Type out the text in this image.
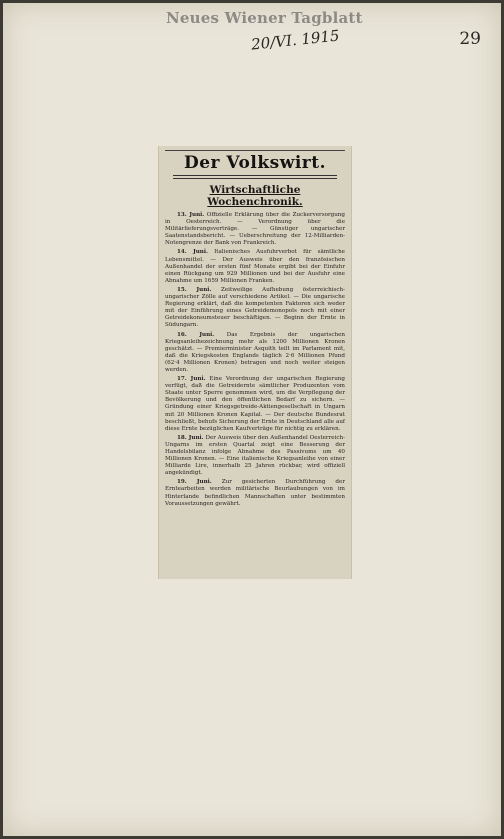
Neues Wiener Tagblatt
20/VI. 1915	29
Der Volkswirt.
Wirtschaftliche Wochenchronik.

13. Juni. Offizielle Erklärung über die Zuckerversorgung in Oesterreich. — Verordnung über die Militärlieferungsverträge. — Günstiger ungarischer Saatenstandsbericht. — Ueberschreitung der 12-Milliarden-Notengrenze der Bank von Frankreich.

14. Juni. Italienisches Ausfuhrverbot für sämtliche Lebensmittel. — Der Ausweis über den französischen Außenhandel der ersten fünf Monate ergibt bei der Einfuhr einen Rückgang um 929 Millionen und bei der Ausfuhr eine Abnahme um 1659 Millionen Franken.

15. Juni. Zeitweilige Aufhebung österreichisch-ungarischer Zölle auf verschiedene Artikel. — Die ungarische Regierung erklärt, daß die kompetenten Faktoren sich weder mit der Einführung eines Getreidemonopols noch mit einer Getreidekonsumsteuer beschäftigen. — Beginn der Ernte in Südungarn.

16. Juni. Das Ergebnis der ungarischen Kriegsanleihezeichnung mehr als 1200 Millionen Kronen geschätzt. — Premierminister Asquith teilt im Parlament mit, daß die Kriegskosten Englands täglich 2·6 Millionen Pfund (62·4 Millionen Kronen) betragen und noch weiter steigen werden.

17. Juni. Eine Verordnung der ungarischen Regierung verfügt, daß die Getreidernte sämtlicher Produzenten vom Staate unter Sperre genommen wird, um die Verpflegung der Bevölkerung und den öffentlichen Bedarf zu sichern. — Gründung einer Kriegsgetreide-Aktiengesellschaft in Ungarn mit 20 Millionen Kronen Kapital. — Der deutsche Bundesrat beschließt, behufs Sicherung der Ernte in Deutschland alle auf diese Ernte bezüglichen Kaufverträge für nichtig zu erklären.

18. Juni. Der Ausweis über den Außenhandel Oesterreich-Ungarns im ersten Quartal zeigt eine Besserung der Handelsbilanz infolge Abnahme des Passivums um 40 Millionen Kronen. — Eine italienische Kriegsanleihe von einer Milliarde Lire, innerhalb 25 Jahren rückbar, wird offiziell angekündigt.

19. Juni. Zur gesicherten Durchführung der Erntearbeiten werden militärische Beurlaubungen von im Hinterlande befindlichen Mannschaften unter bestimmten Voraussetzungen gewährt.
